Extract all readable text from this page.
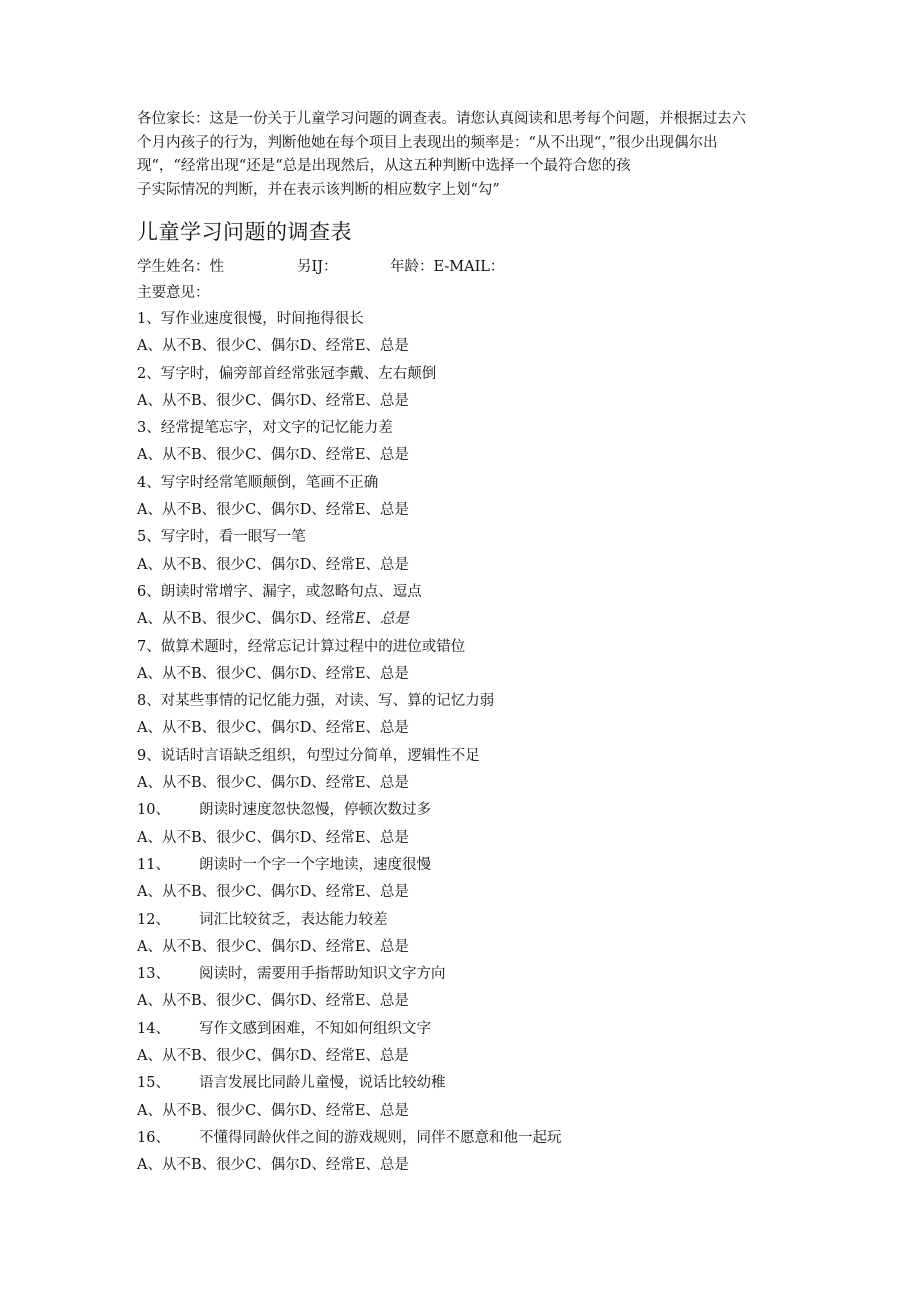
各位家长：这是一份关于儿童学习问题的调查表。请您认真阅读和思考每个问题，并根据过去六
个月内孩子的行为，判断他她在每个项目上表现出的频率是：“从不出现“，”很少出现偶尔出
现“，“经常出现“还是“总是出现然后，从这五种判断中选择一个最符合您的孩
子实际情况的判断，并在表示该判断的相应数字上划“勾”

儿童学习问题的调查表
学生姓名：性	另IJ：	年龄：E-MAIL：
主要意见：
1、写作业速度很慢，时间拖得很长
A、从不B、很少C、偶尔D、经常E、总是
2、写字时，偏旁部首经常张冠李戴、左右颠倒
A、从不B、很少C、偶尔D、经常E、总是
3、经常提笔忘字，对文字的记忆能力差
A、从不B、很少C、偶尔D、经常E、总是
4、写字时经常笔顺颠倒，笔画不正确
A、从不B、很少C、偶尔D、经常E、总是
5、写字时，看一眼写一笔
A、从不B、很少C、偶尔D、经常E、总是
6、朗读时常增字、漏字，或忽略句点、逗点
A、从不B、很少C、偶尔D、经常E、总是
7、做算术题时，经常忘记计算过程中的进位或错位
A、从不B、很少C、偶尔D、经常E、总是
8、对某些事情的记忆能力强，对读、写、算的记忆力弱
A、从不B、很少C、偶尔D、经常E、总是
9、说话时言语缺乏组织，句型过分简单，逻辑性不足
A、从不B、很少C、偶尔D、经常E、总是
10、 朗读时速度忽快忽慢，停顿次数过多
A、从不B、很少C、偶尔D、经常E、总是
11、 朗读时一个字一个字地读，速度很慢
A、从不B、很少C、偶尔D、经常E、总是
12、 词汇比较贫乏，表达能力较差
A、从不B、很少C、偶尔D、经常E、总是
13、 阅读时，需要用手指帮助知识文字方向
A、从不B、很少C、偶尔D、经常E、总是
14、 写作文感到困难，不知如何组织文字
A、从不B、很少C、偶尔D、经常E、总是
15、 语言发展比同龄儿童慢，说话比较幼稚
A、从不B、很少C、偶尔D、经常E、总是
16、 不懂得同龄伙伴之间的游戏规则，同伴不愿意和他一起玩
A、从不B、很少C、偶尔D、经常E、总是
